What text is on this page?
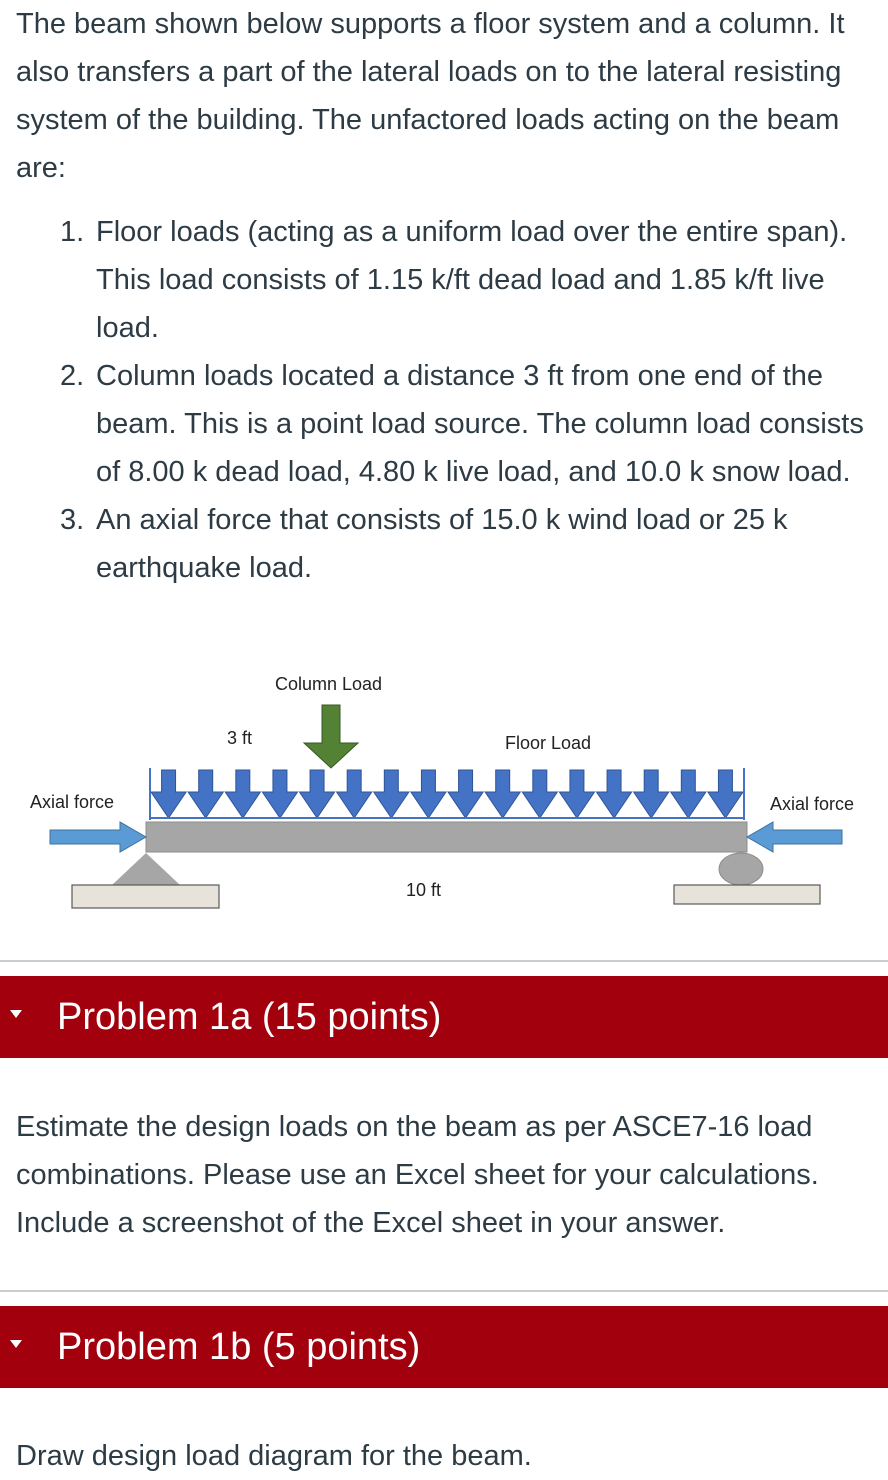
The beam shown below supports a floor system and a column. It also transfers a part of the lateral loads on to the lateral resisting system of the building. The unfactored loads acting on the beam are:

1. Floor loads (acting as a uniform load over the entire span). This load consists of 1.15 k/ft dead load and 1.85 k/ft live load.
2. Column loads located a distance 3 ft from one end of the beam. This is a point load source. The column load consists of 8.00 k dead load, 4.80 k live load, and 10.0 k snow load.
3. An axial force that consists of 15.0 k wind load or 25 k earthquake load.
Column Load
3 ft	Floor Load
Axial force	Axial force
10 ft
Problem 1a (15 points)

Estimate the design loads on the beam as per ASCE7-16 load combinations. Please use an Excel sheet for your calculations. Include a screenshot of the Excel sheet in your answer.

Problem 1b (5 points)

Draw design load diagram for the beam.
